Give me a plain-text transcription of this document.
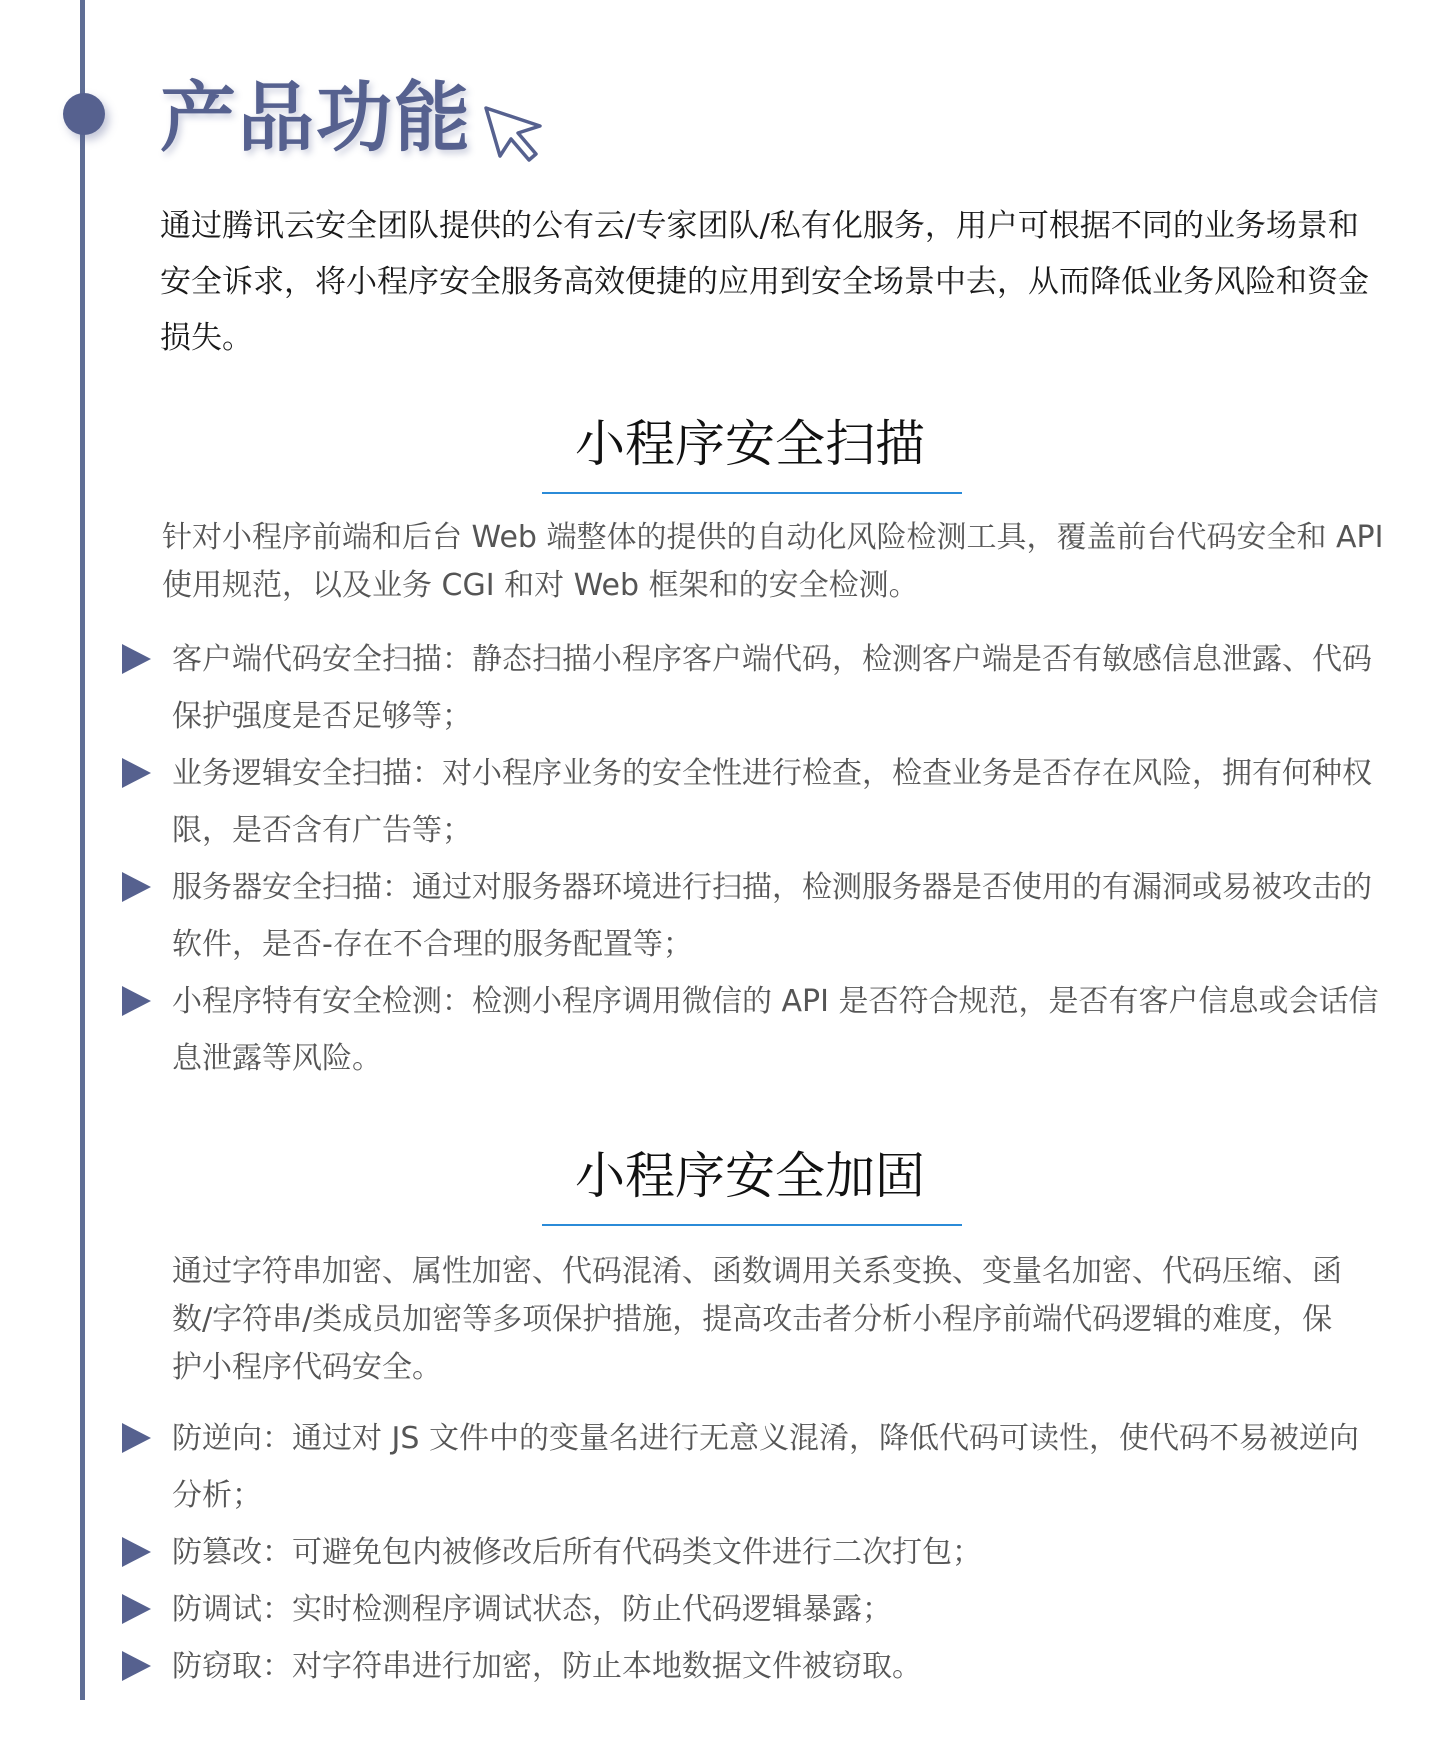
产品功能

通过腾讯云安全团队提供的公有云/专家团队/私有化服务，用户可根据不同的业务场景和安全诉求，将小程序安全服务高效便捷的应用到安全场景中去，从而降低业务风险和资金损失。

小程序安全扫描

针对小程序前端和后台 Web 端整体的提供的自动化风险检测工具，覆盖前台代码安全和 API 使用规范，以及业务 CGI 和对 Web 框架和的安全检测。

客户端代码安全扫描：静态扫描小程序客户端代码，检测客户端是否有敏感信息泄露、代码保护强度是否足够等；
业务逻辑安全扫描：对小程序业务的安全性进行检查，检查业务是否存在风险，拥有何种权限，是否含有广告等；
服务器安全扫描：通过对服务器环境进行扫描，检测服务器是否使用的有漏洞或易被攻击的软件，是否-存在不合理的服务配置等；
小程序特有安全检测：检测小程序调用微信的 API 是否符合规范，是否有客户信息或会话信息泄露等风险。
小程序安全加固

通过字符串加密、属性加密、代码混淆、函数调用关系变换、变量名加密、代码压缩、函数/字符串/类成员加密等多项保护措施，提高攻击者分析小程序前端代码逻辑的难度，保护小程序代码安全。

防逆向：通过对 JS 文件中的变量名进行无意义混淆，降低代码可读性，使代码不易被逆向分析；
防篡改：可避免包内被修改后所有代码类文件进行二次打包；
防调试：实时检测程序调试状态，防止代码逻辑暴露；
防窃取：对字符串进行加密，防止本地数据文件被窃取。
